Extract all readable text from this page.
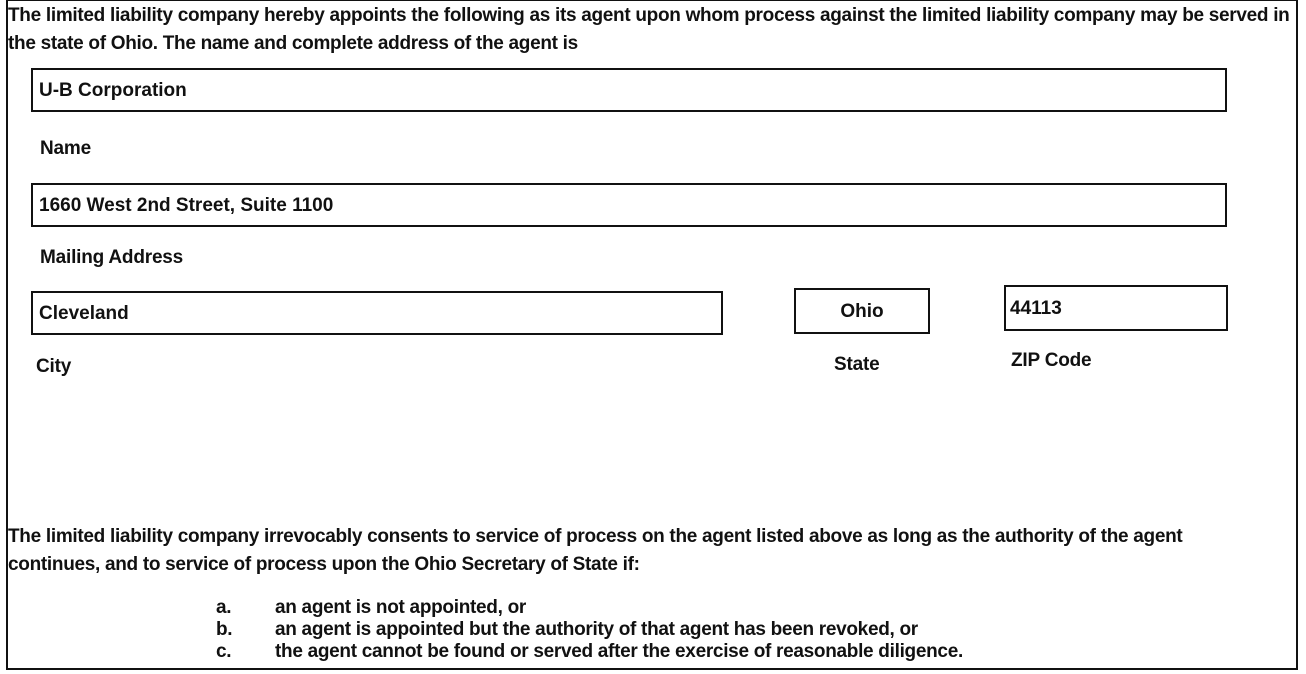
The limited liability company hereby appoints the following as its agent upon whom process against the limited liability company may be served in the state of Ohio. The name and complete address of the agent is
U-B Corporation
Name
1660 West 2nd Street, Suite 1100
Mailing Address
Cleveland
City
Ohio
State
44113
ZIP Code
The limited liability company irrevocably consents to service of process on the agent listed above as long as the authority of the agent continues, and to service of process upon the Ohio Secretary of State if:
a.	an agent is not appointed, or
b.	an agent is appointed but the authority of that agent has been revoked, or
c.	the agent cannot be found or served after the exercise of reasonable diligence.
